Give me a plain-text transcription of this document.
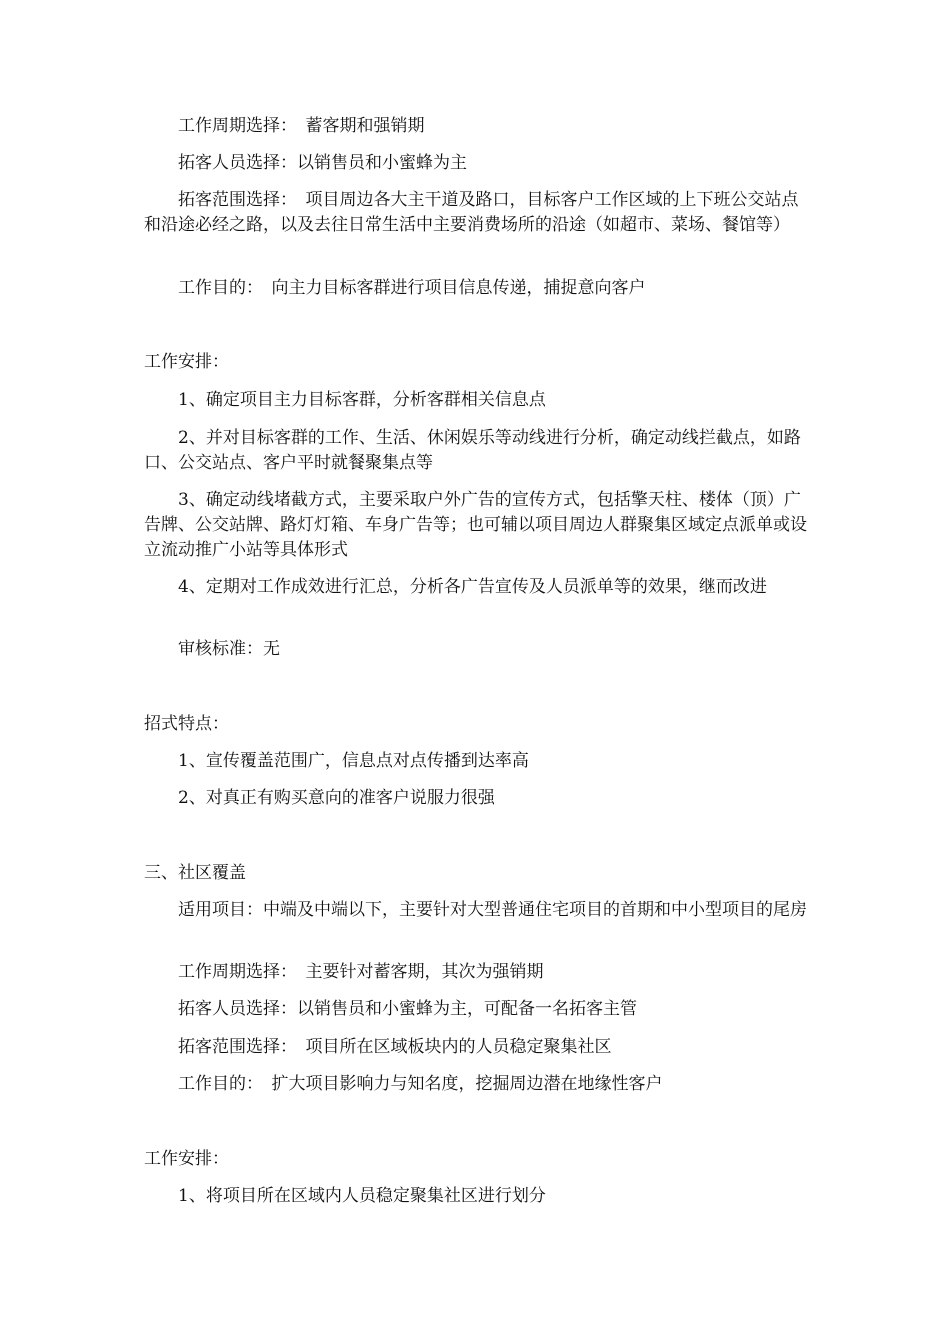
工作周期选择：　蓄客期和强销期

拓客人员选择：以销售员和小蜜蜂为主

拓客范围选择：　项目周边各大主干道及路口，目标客户工作区域的上下班公交站点和沿途必经之路，以及去往日常生活中主要消费场所的沿途（如超市、菜场、餐馆等）

工作目的：　向主力目标客群进行项目信息传递，捕捉意向客户

工作安排：

1、确定项目主力目标客群，分析客群相关信息点

2、并对目标客群的工作、生活、休闲娱乐等动线进行分析，确定动线拦截点，如路口、公交站点、客户平时就餐聚集点等

3、确定动线堵截方式，主要采取户外广告的宣传方式，包括擎天柱、楼体（顶）广告牌、公交站牌、路灯灯箱、车身广告等；也可辅以项目周边人群聚集区域定点派单或设立流动推广小站等具体形式

4、定期对工作成效进行汇总，分析各广告宣传及人员派单等的效果，继而改进

审核标准：无

招式特点：

1、宣传覆盖范围广，信息点对点传播到达率高

2、对真正有购买意向的准客户说服力很强

三、社区覆盖

适用项目：中端及中端以下，主要针对大型普通住宅项目的首期和中小型项目的尾房

工作周期选择：　主要针对蓄客期，其次为强销期

拓客人员选择：以销售员和小蜜蜂为主，可配备一名拓客主管

拓客范围选择：　项目所在区域板块内的人员稳定聚集社区

工作目的：　扩大项目影响力与知名度，挖掘周边潜在地缘性客户

工作安排：

1、将项目所在区域内人员稳定聚集社区进行划分
